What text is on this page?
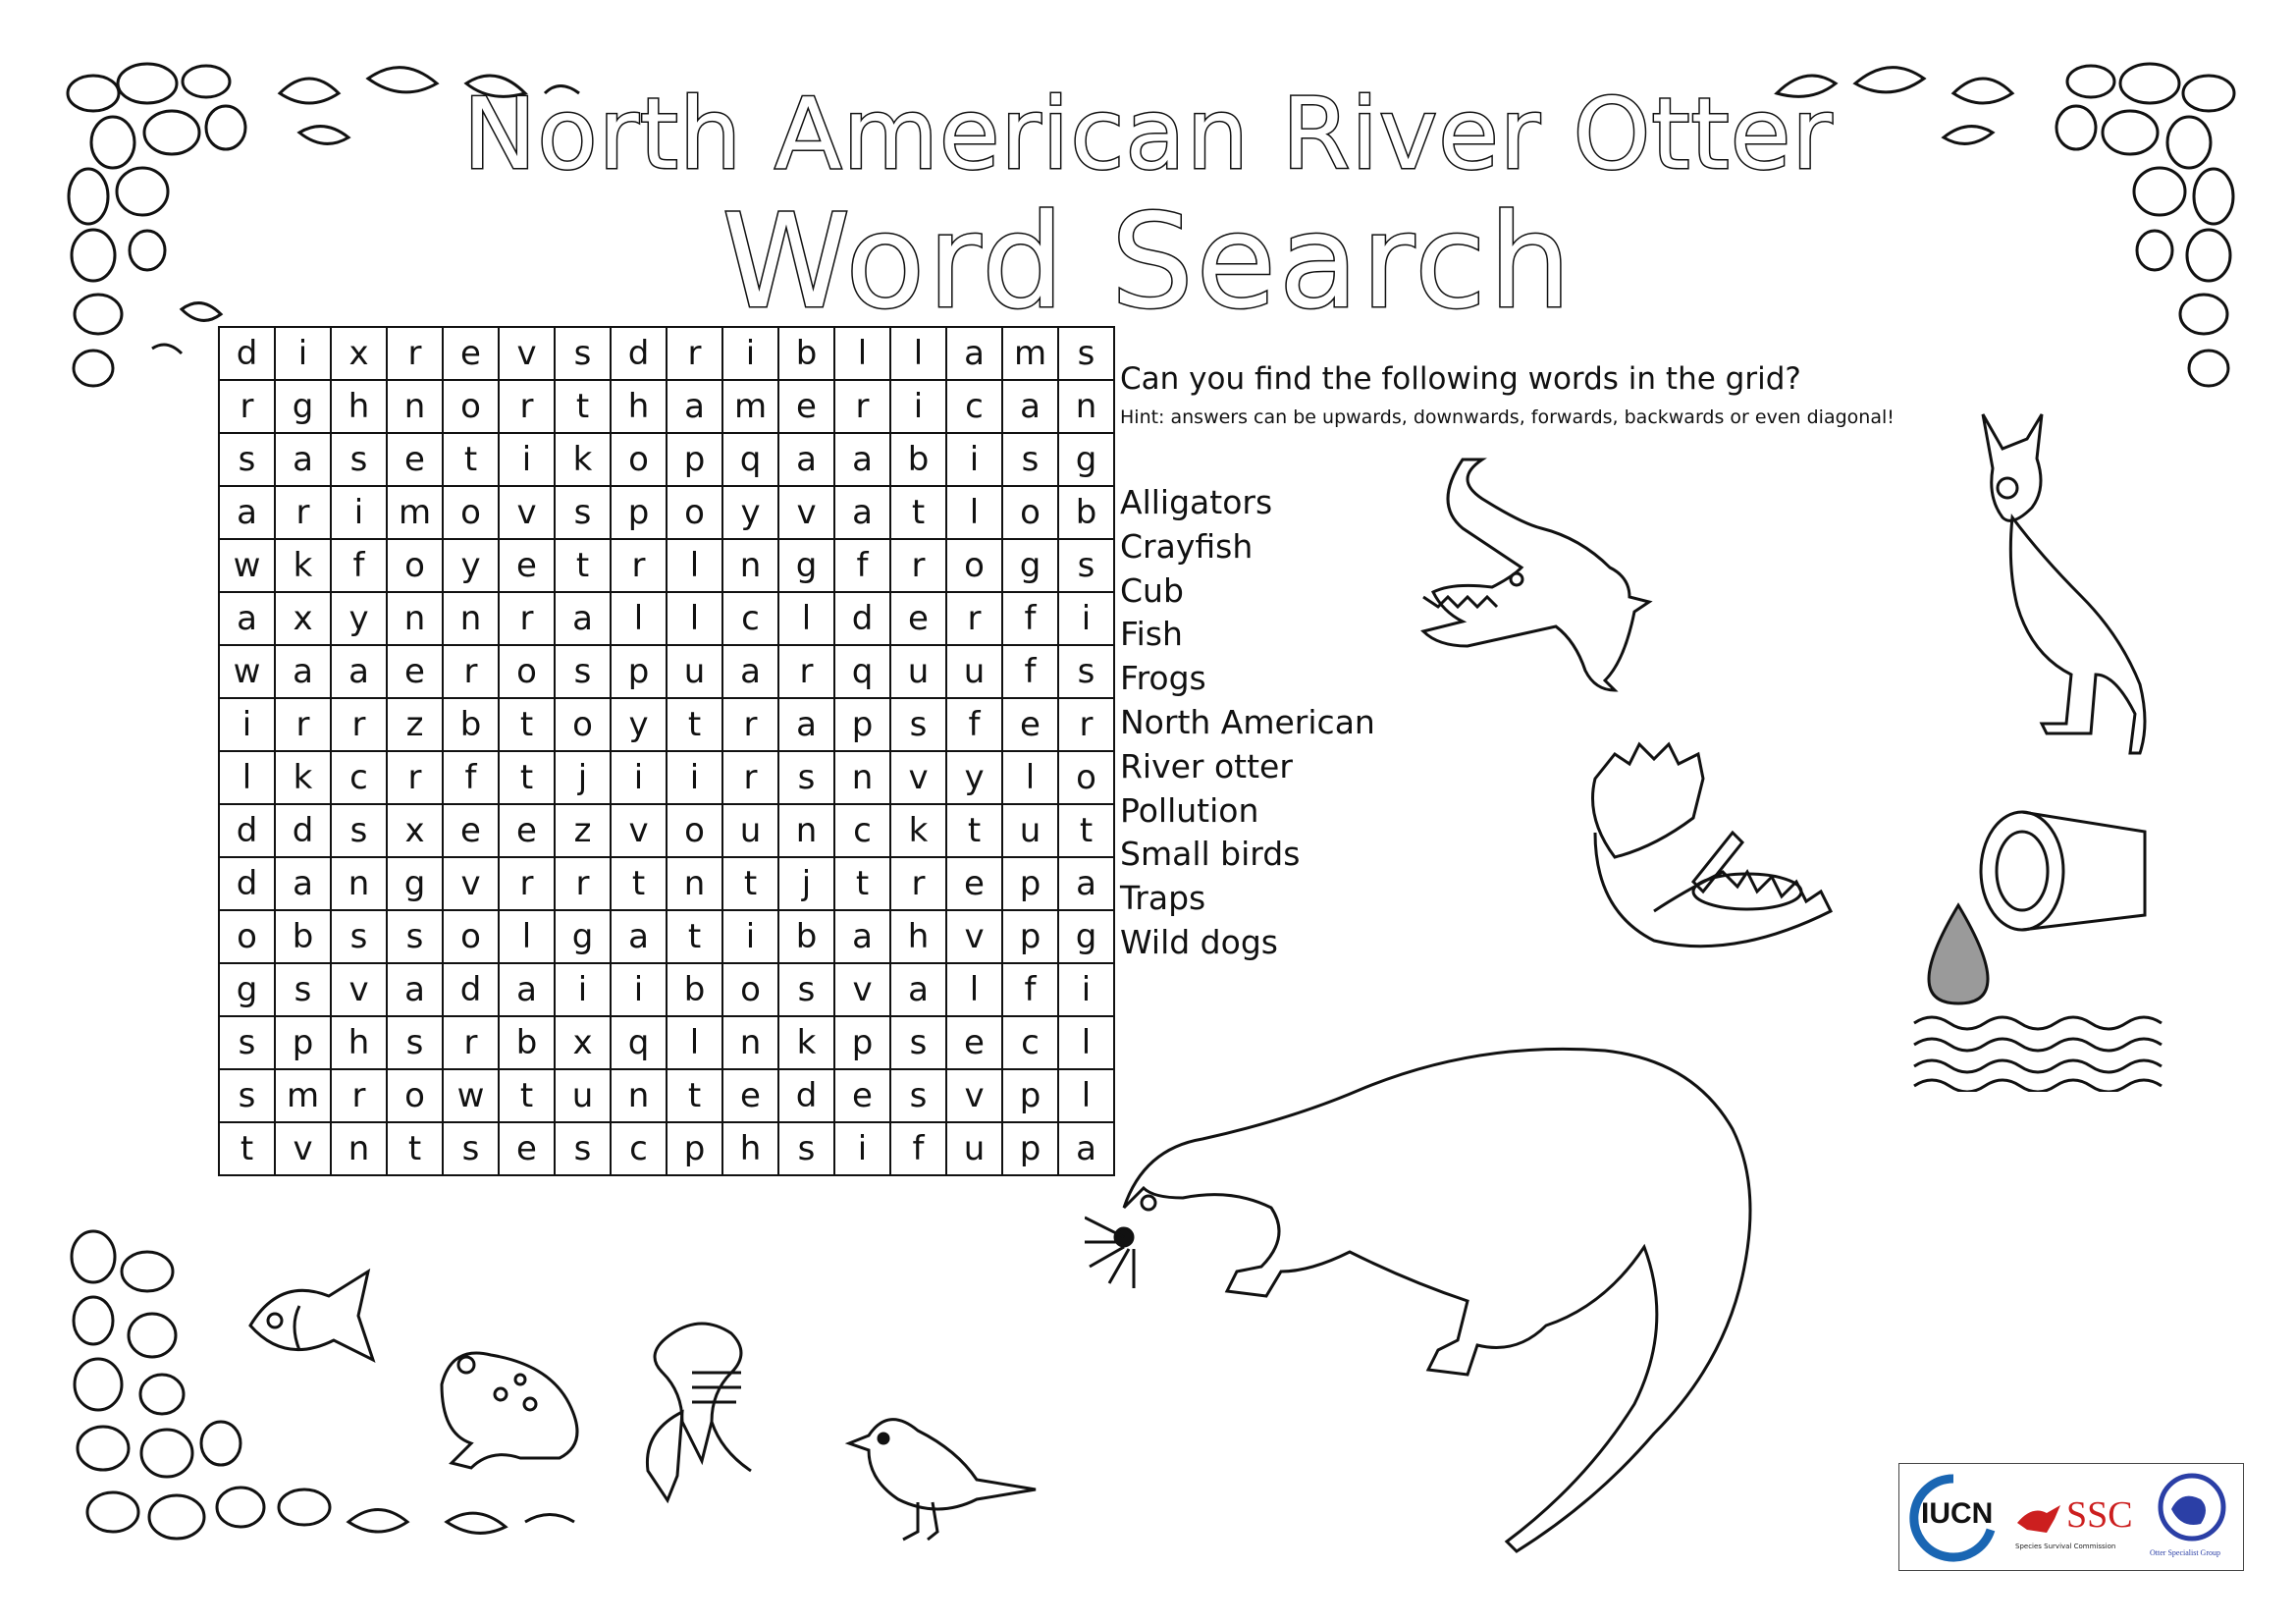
North American River Otter
Word Search
d	i	x	r	e	v	s	d	r	i	b	l	l	a	m	s
r	g	h	n	o	r	t	h	a	m	e	r	i	c	a	n
s	a	s	e	t	i	k	o	p	q	a	a	b	i	s	g
a	r	i	m	o	v	s	p	o	y	v	a	t	l	o	b
w	k	f	o	y	e	t	r	l	n	g	f	r	o	g	s
a	x	y	n	n	r	a	l	l	c	l	d	e	r	f	i
w	a	a	e	r	o	s	p	u	a	r	q	u	u	f	s
i	r	r	z	b	t	o	y	t	r	a	p	s	f	e	r
l	k	c	r	f	t	j	i	i	r	s	n	v	y	l	o
d	d	s	x	e	e	z	v	o	u	n	c	k	t	u	t
d	a	n	g	v	r	r	t	n	t	j	t	r	e	p	a
o	b	s	s	o	l	g	a	t	i	b	a	h	v	p	g
g	s	v	a	d	a	i	i	b	o	s	v	a	l	f	i
s	p	h	s	r	b	x	q	l	n	k	p	s	e	c	l
s	m	r	o	w	t	u	n	t	e	d	e	s	v	p	l
t	v	n	t	s	e	s	c	p	h	s	i	f	u	p	a
Can you find the following words in the grid?
Hint: answers can be upwards, downwards, forwards, backwards or even diagonal!
Alligators
Crayfish
Cub
Fish
Frogs
North American
River otter
Pollution
Small birds
Traps
Wild dogs
IUCN SSC
Species Survival Commission
Otter Specialist Group
